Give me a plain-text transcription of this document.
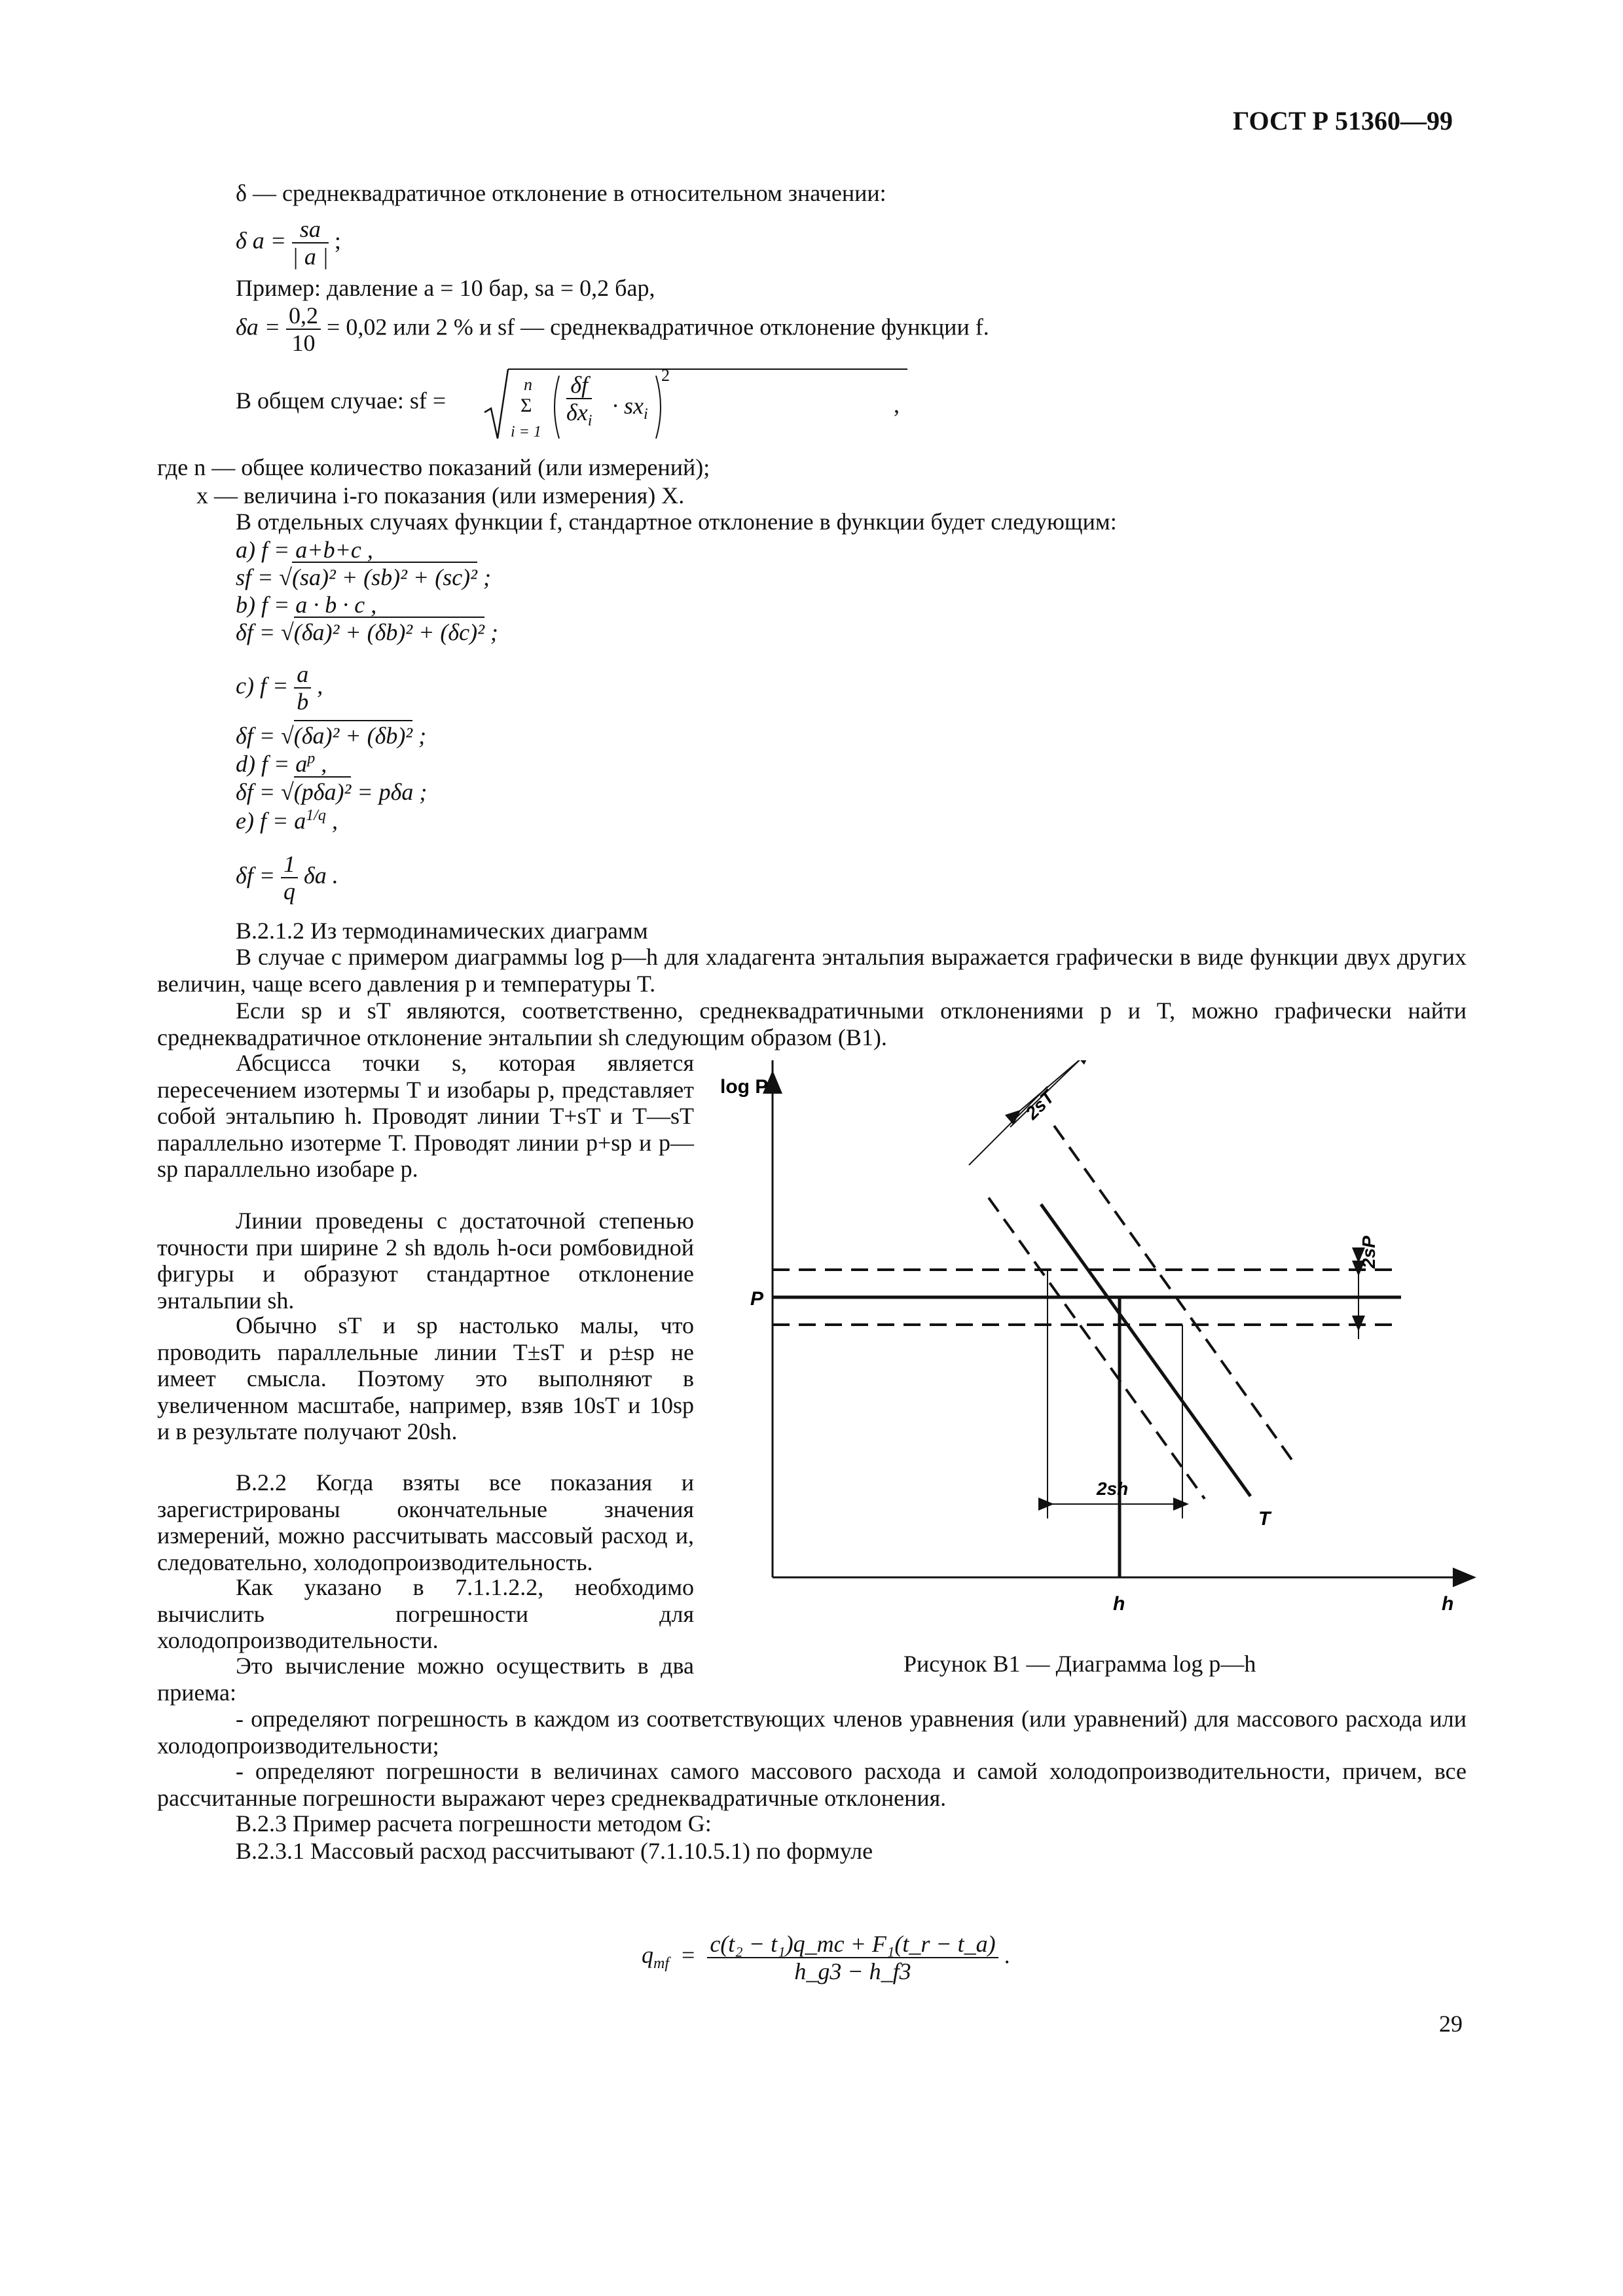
ГОСТ Р 51360—99
δ — среднеквадратичное отклонение в относительном значении:
δ $a = \frac{sa}{| a |}$ ;
Пример: давление a = 10 бар, sa = 0,2 бар,
$\delta a = \frac{0,2}{10} = 0,02$ или 2 % и sf — среднеквадратичное отклонение функции f.
В общем случае: sf =
n
Σ
i = 1
δf
$\delta x_i$
· $sx_i$
2
,
где n — общее количество показаний (или измерений);
x — величина i-го показания (или измерения) X.
В отдельных случаях функции f, стандартное отклонение в функции будет следующим:
а) f = a+b+c ,
sf = √(sa)² + (sb)² + (sc)² ;
b) f = a · b · c ,
δf = √(δa)² + (δb)² + (δc)² ;
c) $f = \frac{a}{b}$ ,
δf = √(δa)² + (δb)² ;
d) $f = a^p$ ,
δf = √(pδa)² = pδa ;
e) $f = a^{1/q}$ ,
$\delta f = \frac{1}{q}$ δa .
В.2.1.2 Из термодинамических диаграмм
В случае с примером диаграммы log p—h для хладагента энтальпия выражается графически в виде функции двух других величин, чаще всего давления p и температуры T.
Если sp и sT являются, соответственно, среднеквадратичными отклонениями p и T, можно графически найти среднеквадратичное отклонение энтальпии sh следующим образом (В1).
Абсцисса точки s, которая является пересечением изотермы T и изобары p, представляет собой энтальпию h. Проводят линии T+sT и T—sT параллельно изотерме T. Проводят линии p+sp и p—sp параллельно изобаре p.
Линии проведены с достаточной степенью точности при ширине 2 sh вдоль h-оси ромбовидной фигуры и образуют стандартное отклонение энтальпии sh.
Обычно sT и sp настолько малы, что проводить параллельные линии T±sT и p±sp не имеет смысла. Поэтому это выполняют в увеличенном масштабе, например, взяв 10sT и 10sp и в результате получают 20sh.
В.2.2 Когда взяты все показания и зарегистрированы окончательные значения измерений, можно рассчитывать массовый расход и, следовательно, холодопроизводительность.
Как указано в 7.1.1.2.2, необходимо вычислить погрешности для холодопроизводительности.
Это вычисление можно осуществить в два приема:
- определяют погрешность в каждом из соответствующих членов уравнения (или уравнений) для массового расхода или холодопроизводительности;
- определяют погрешности в величинах самого массового расхода и самой холодопроизводительности, причем, все рассчитанные погрешности выражают через среднеквадратичные отклонения.
В.2.3 Пример расчета погрешности методом G:
В.2.3.1 Массовый расход рассчитывают (7.1.10.5.1) по формуле
$q_{mf} = \frac{\text{c(t₂ − t₁)q\_mc + F₁(t\_r − t\_a)}}{h\_g3 - h\_f3}$ .
29
log P
h
P
T
2sT
2sP
2sh
h
Рисунок В1 — Диаграмма log p—h
